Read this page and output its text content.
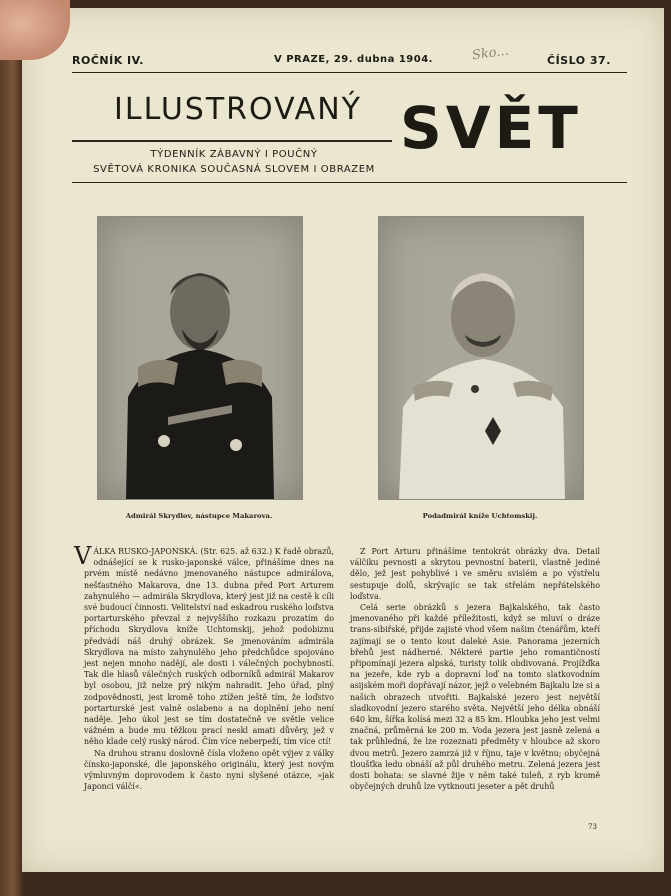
Sko...
ROČNÍK IV.	V PRAZE, 29. dubna 1904.	ČÍSLO 37.
ILLUSTROVANÝ SVĚT
TÝDENNÍK ZÁBAVNÝ I POUČNÝ
SVĚTOVÁ KRONIKA SOUČASNÁ SLOVEM I OBRAZEM
Admirál Skrydlov, nástupce Makarova.	Podadmirál kníže Uchtomskij.
V ÁLKA RUSKO-JAPONSKÁ. (Str. 625. až 632.) K řadě obrazů, odnášející se k rusko-japonské válce, přinášíme dnes na prvém místě nedávno jmenovaného nástupce admirálova, nešťastného Makarova, dne 13. dubna před Port Arturem zahynulého — admirála Skrydlova, který jest již na cestě k cíli své budoucí činnosti. Velitelství nad eskadrou ruského loďstva portarturského převzal z nejvyššího rozkazu prozatím do příchodu Skrydlova kníže Uchtomskij, jehož podobiznu předvádí náš druhý obrázek. Se jmenováním admirála Skrydlova na místo zahynulého jeho předchůdce spojováno jest nejen mnoho nadějí, ale dosti i válečných pochybností. Tak dle hlasů válečných ruských odborníků admirál Makarov byl osobou, již nelze prý nikým nahradit. Jeho úřad, plný zodpovědnosti, jest kromě toho ztížen ještě tím, že loďstvo portarturské jest valně oslabeno a na doplnění jeho není naděje. Jeho úkol jest se tím dostatečně ve světle velice vážném a bude mu těžkou prací neskl amati důvěry, jež v něho klade celý ruský národ. Čím více neberpeží, tím více ctí!

Na druhou stranu doslovně čísla vloženo opět výjev z války čínsko-japonské, dle japonského originálu, který jest novým výmluvným doprovodem k často nyní slyšené otázce, »jak Japonci válčí«.

Z Port Arturu přinášíme tentokrát obrázky dva. Detail válčiku pevnosti a skrytou pevnostní baterii, vlastně jediné dělo, jež jest pohyblivé i ve směru svislém a po výstřelu sestupuje dolů, skrývajíc se tak střelám nepřátelského loďstva.

Celá serie obrázků s jezera Bajkalského, tak často jmenovaného při každé příležitosti, když se mluví o dráze trans-sibiřské, přijde zajisté vhod všem našim čtenářům, kteří zajímají se o tento kout daleké Asie. Panorama jezerních břehů jest nádherné. Některé partie jeho romantičností připomínají jezera alpská, turisty tolik obdivovaná. Projížďka na jezeře, kde ryb a dopravní loď na tomto slatkovodním asijském moři dopřávají názor, jejž o velebném Bajkalu lze si a našich obrazech utvořiti. Bajkalské jezero jest největší sladkovodní jezero starého světa. Největší jeho délka obnáší 640 km, šířka kolísá mezi 32 a 85 km. Hloubka jeho jest velmi značná, průměrná ke 200 m. Voda jezera jest jasně zelená a tak průhledná, že lze rozeznati předměty v hloubce až skoro dvou metrů. Jezero zamrzá již v říjnu, taje v květnu; obyčejná tloušťka ledu obnáší až půl druhého metru. Zelená jezera jest dosti bohata: se slavné žije v něm také tuleň, z ryb kromě obyčejných druhů lze vytknouti jeseter a pět druhů

73
